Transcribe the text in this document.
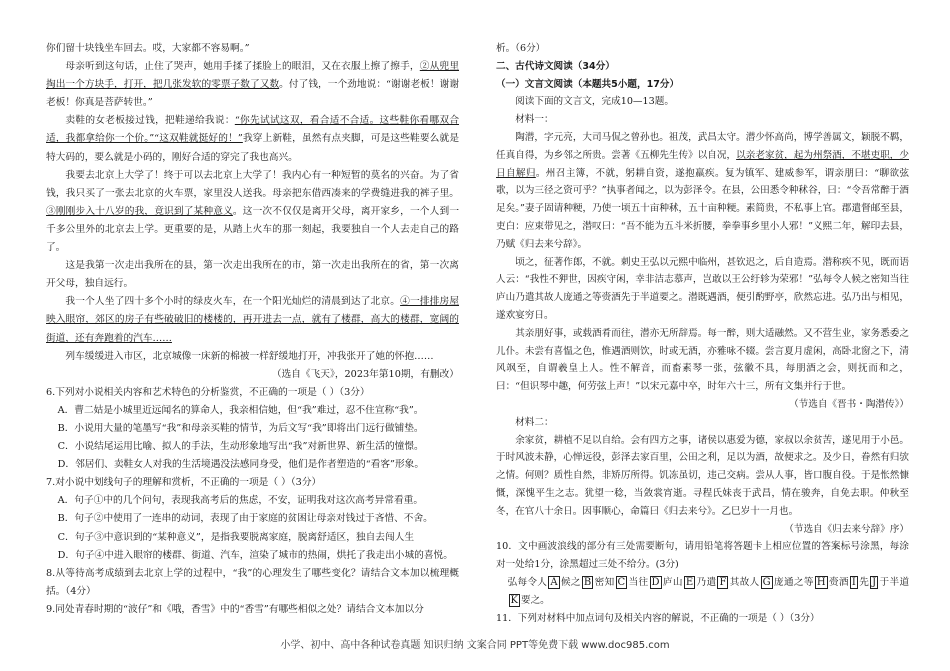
你们留十块钱坐车回去。哎，大家都不容易啊。”

母亲听到这句话，止住了哭声，她用手揉了揉脸上的眼泪，又在衣服上擦了擦手，②从兜里掏出一个方块手，打开，把几张发软的零票子数了又数。付了钱，一个劲地说：“谢谢老板！谢谢老板！你真是菩萨转世。”

卖鞋的女老板接过钱，把鞋递给我说：“你先试试这双，看合适不合适。这些鞋你看哪双合适，我都拿给你一个价。”“这双鞋就挺好的！”我穿上新鞋，虽然有点夹脚，可是这些鞋要么就是特大码的，要么就是小码的，刚好合适的穿完了我也高兴。

我要去北京上大学了！终于可以去北京上大学了！我内心有一种短暂的莫名的兴奋。为了省钱，我只买了一张去北京的火车票，家里没人送我。母亲把东借西凑来的学费缝进我的裤子里。③刚刚步入十八岁的我，竟识到了某种意义。这一次不仅仅是离开父母，离开家乡，一个人到一千多公里外的北京去上学。更重要的是，从踏上火车的那一刻起，我要独自一个人去走自己的路了。

这是我第一次走出我所在的县，第一次走出我所在的市，第一次走出我所在的省，第一次离开父母，独自远行。

我一个人坐了四十多个小时的绿皮火车，在一个阳光灿烂的清晨到达了北京。④一排排房屋映入眼帘，郊区的房子有些破破旧的楼楼的，再开进去一点，就有了楼群，高大的楼群，宽阔的街道，还有奔跑着的汽车……

列车缓缓进入市区，北京城像一床新的棉被一样舒缓地打开，冲我张开了她的怀抱……

（选自《飞天》，2023年第10期，有删改）

6.下列对小说相关内容和艺术特色的分析鉴赏，不正确的一项是（ ）（3分）

A．曹二姑是小城里近远闻名的算命人，我亲相信她，但“我”难过，忍不住宣称“我”。

B．小说用大量的笔墨写“我”和母亲买鞋的情节，为后文写“我”即将出门远行做铺垫。

C．小说结尾运用比喻、拟人的手法，生动形象地写出“我”对新世界、新生活的憧憬。

D．邻居们、卖鞋女人对我的生活境遇没法感同身受，他们是作者塑造的“看客”形象。

7.对小说中划线句子的理解和赏析，不正确的一项是（ ）（3分）

A．句子①中的几个问句，表现我高考后的焦虑，不安，证明我对这次高考异常看重。

B．句子②中使用了一连串的动词，表现了由于家庭的贫困让母亲对钱过于吝惜、不舍。

C．句子③中意识到的“某种意义”，是指我要脱离家庭，脱离舒适区，独自去闯人生

D．句子④中进入眼帘的楼群、街道、汽车，渲染了城市的热闹，烘托了我走出小城的喜悦。

8.从等待高考成绩到去北京上学的过程中，“我”的心理发生了哪些变化？请结合文本加以梳理概括。（4分）

9.同处青春时期的“波仔”和《哦，香雪》中的“香雪”有哪些相似之处？请结合文本加以分

析。（6分）

二、古代诗文阅读（34分）

（一）文言文阅读（本题共5小题，17分）

阅读下面的文言文，完成10—13题。

材料一：

陶潜，字元亮，大司马侃之曾孙也。祖茂，武昌太守。潜少怀高尚，博学善属文，颖脱不羁，任真自得，为乡邻之所贵。尝著《五柳先生传》以自况，以亲老家贫，起为州祭酒，不堪吏职，少日自解归。州召主簿，不就，躬耕自资，遂抱羸疾。复为镇军、建威参军，谓亲朋曰：“聊欲弦歌，以为三径之资可乎？”执事者闻之，以为彭泽令。在县，公田悉令种秫谷，曰：“令吾常醉于酒足矣。”妻子固请种粳，乃使一顷五十亩种秫，五十亩种粳。素简贵，不私事上官。郡遣督邮至县，吏白：应束带见之，潜叹曰：“吾不能为五斗米折腰，拳拳事乡里小人邪！”义熙二年，解印去县，乃赋《归去来兮辞》。

顷之，征著作郎，不就。刺史王弘以元熙中临州，甚钦迟之，后自造焉。潜称疾不见，既而语人云：“我性不狎世，因疾守闲，幸非洁志慕声，岂敢以王公纡轸为荣邪！”弘每令人候之密知当往庐山乃遣其故人庞通之等赍酒先于半道要之。潜既遇酒，便引酌野亭，欣然忘进。弘乃出与相见，遂欢宴穷日。

其亲朋好事，或载酒肴而往，潜亦无所辞焉。每一醉，则大适融然。又不营生业，家务悉委之儿仆。未尝有喜愠之色，惟遇酒则饮，时或无酒，亦雅咏不辍。尝言夏月虚闲，高卧北窗之下，清风飒至，自谓羲皇上人。性不解音，而畜素琴一张，弦徽不具，每朋酒之会，则抚而和之，曰：“但识琴中趣，何劳弦上声！”以宋元嘉中卒，时年六十三，所有文集并行于世。

（节选自《晋书・陶潜传》）

材料二：

余家贫，耕植不足以自给。会有四方之事，诸侯以惠爱为德，家叔以余贫苦，遂见用于小邑。于时风波未静，心惮远役，彭泽去家百里，公田之利，足以为酒，故便求之。及少日，眷然有归欤之情。何则？质性自然，非矫厉所得。饥冻虽切，违己交病。尝从人事，皆口腹自役。于是怅然慷慨，深愧平生之志。犹望一稔，当敛裳宵逝。寻程氏妹丧于武昌，情在骏奔，自免去职。仲秋至冬，在官八十余日。因事顺心，命篇曰《归去来兮》。乙巳岁十一月也。

（节选自《归去来兮辞》序）

10．文中画波浪线的部分有三处需要断句，请用铅笔将答题卡上相应位置的答案标号涂黑，每涂对一处给1分，涂黑超过三处不给分。(3分)

弘每令人 A 候之 B 密知 C 当往 D 庐山 E 乃遣 F 其故人 G 庞通之等 H 赍酒 I 先 J 于半道K 要之。

11．下列对材料中加点词句及相关内容的解说，不正确的一项是（ ）（3分）

小学、初中、高中各种试卷真题 知识归纳 文案合同 PPT等免费下载 www.doc985.com
